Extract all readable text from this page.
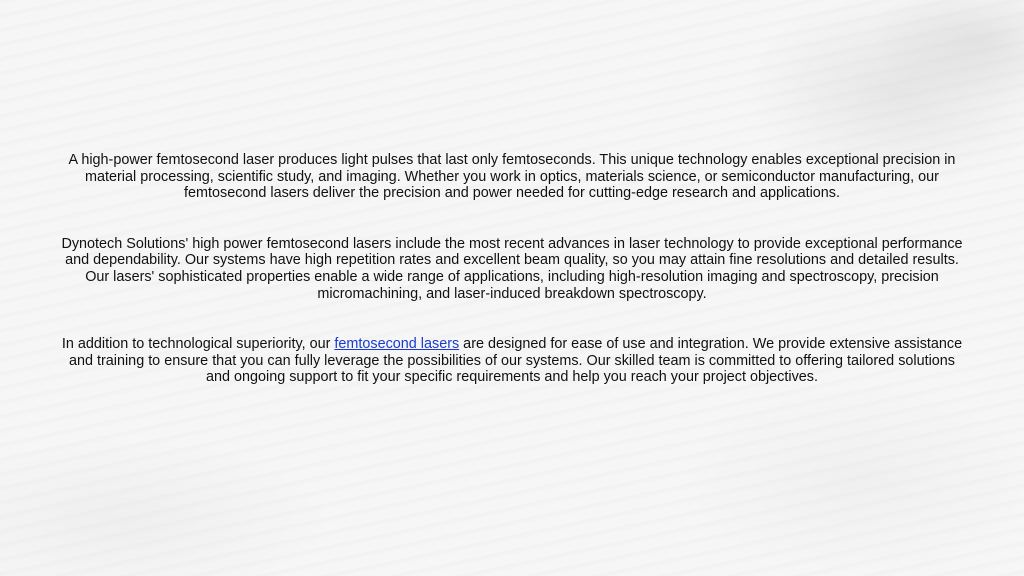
A high-power femtosecond laser produces light pulses that last only femtoseconds. This unique technology enables exceptional precision in material processing, scientific study, and imaging. Whether you work in optics, materials science, or semiconductor manufacturing, our femtosecond lasers deliver the precision and power needed for cutting-edge research and applications.

Dynotech Solutions' high power femtosecond lasers include the most recent advances in laser technology to provide exceptional performance and dependability. Our systems have high repetition rates and excellent beam quality, so you may attain fine resolutions and detailed results. Our lasers' sophisticated properties enable a wide range of applications, including high-resolution imaging and spectroscopy, precision micromachining, and laser-induced breakdown spectroscopy.

In addition to technological superiority, our femtosecond lasers are designed for ease of use and integration. We provide extensive assistance and training to ensure that you can fully leverage the possibilities of our systems. Our skilled team is committed to offering tailored solutions and ongoing support to fit your specific requirements and help you reach your project objectives.
